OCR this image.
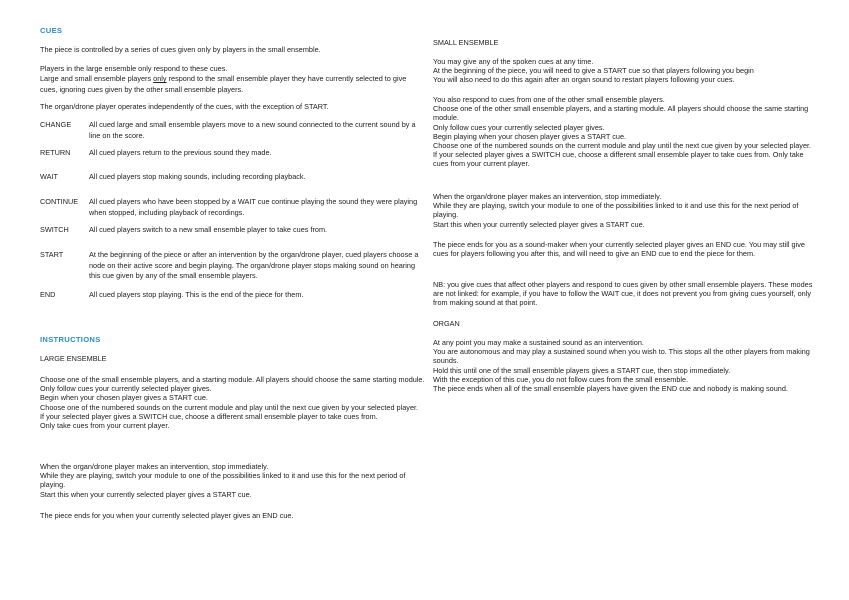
CUES

The piece is controlled by a series of cues given only by players in the small ensemble.

Players in the large ensemble only respond to these cues.

Large and small ensemble players only respond to the small ensemble player they have currently selected to give cues, ignoring cues given by the other small ensemble players.

The organ/drone player operates independently of the cues, with the exception of START.

CHANGE	All cued large and small ensemble players move to a new sound connected to the current sound by a line on the score.
RETURN	All cued players return to the previous sound they made.
WAIT	All cued players stop making sounds, including recording playback.
CONTINUE	All cued players who have been stopped by a WAIT cue continue playing the sound they were playing when stopped, including playback of recordings.
SWITCH	All cued players switch to a new small ensemble player to take cues from.
START	At the beginning of the piece or after an intervention by the organ/drone player, cued players choose a node on their active score and begin playing. The organ/drone player stops making sound on hearing this cue given by any of the small ensemble players.
END	All cued players stop playing. This is the end of the piece for them.
INSTRUCTIONS
LARGE ENSEMBLE

Choose one of the small ensemble players, and a starting module. All players should choose the same starting module.

Only follow cues your currently selected player gives.

Begin when your chosen player gives a START cue.

Choose one of the numbered sounds on the current module and play until the next cue given by your selected player.

If your selected player gives a SWITCH cue, choose a different small ensemble player to take cues from.

Only take cues from your current player.

When the organ/drone player makes an intervention, stop immediately.

While they are playing, switch your module to one of the possibilities linked to it and use this for the next period of playing.

Start this when your currently selected player gives a START cue.

The piece ends for you when your currently selected player gives an END cue.

SMALL ENSEMBLE

You may give any of the spoken cues at any time.

At the beginning of the piece, you will need to give a START cue so that players following you begin

You will also need to do this again after an organ sound to restart players following your cues.

You also respond to cues from one of the other small ensemble players.

Choose one of the other small ensemble players, and a starting module. All players should choose the same starting module.

Only follow cues your currently selected player gives.

Begin playing when your chosen player gives a START cue.

Choose one of the numbered sounds on the current module and play until the next cue given by your selected player.

If your selected player gives a SWITCH cue, choose a different small ensemble player to take cues from. Only take cues from your current player.

When the organ/drone player makes an intervention, stop immediately.

While they are playing, switch your module to one of the possibilities linked to it and use this for the next period of playing.

Start this when your currently selected player gives a START cue.

The piece ends for you as a sound-maker when your currently selected player gives an END cue. You may still give cues for players following you after this, and will need to give an END cue to end the piece for them.

NB: you give cues that affect other players and respond to cues given by other small ensemble players. These modes are not linked: for example, if you have to follow the WAIT cue, it does not prevent you from giving cues yourself, only from making sound at that point.

ORGAN

At any point you may make a sustained sound as an intervention.

You are autonomous and may play a sustained sound when you wish to. This stops all the other players from making sounds.

Hold this until one of the small ensemble players gives a START cue, then stop immediately.

With the exception of this cue, you do not follow cues from the small ensemble.

The piece ends when all of the small ensemble players have given the END cue and nobody is making sound.
